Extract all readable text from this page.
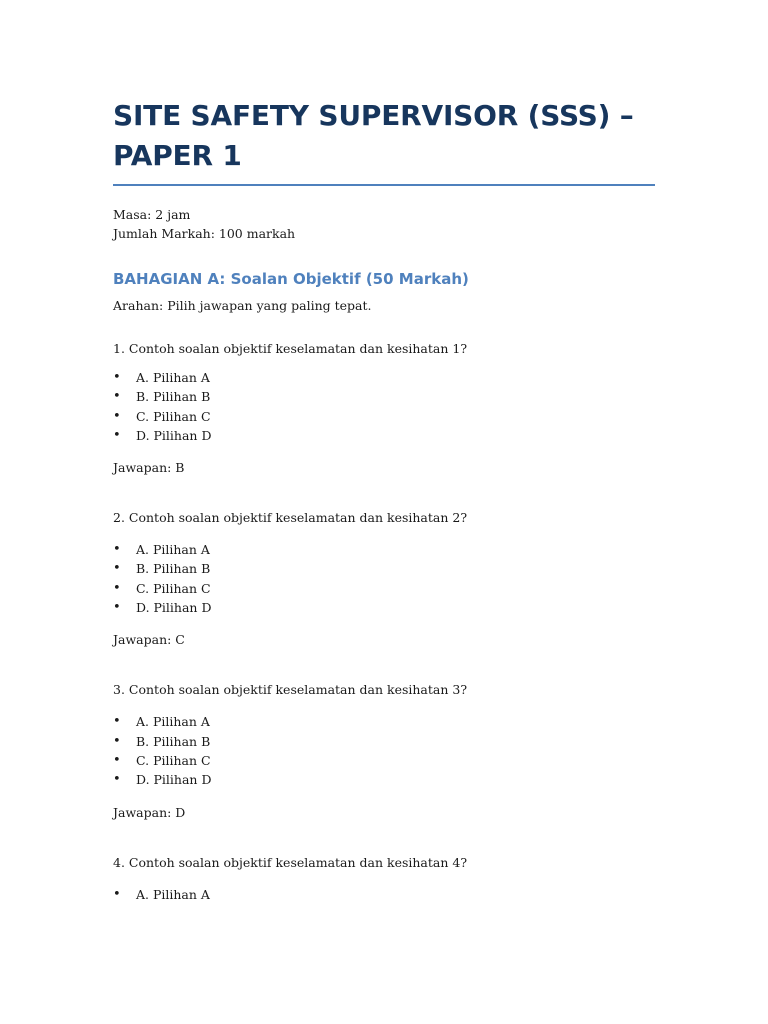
SITE SAFETY SUPERVISOR (SSS) – PAPER 1

Masa: 2 jam

Jumlah Markah: 100 markah

BAHAGIAN A: Soalan Objektif (50 Markah)

Arahan: Pilih jawapan yang paling tepat.

1. Contoh soalan objektif keselamatan dan kesihatan 1?

• A. Pilihan A
• B. Pilihan B
• C. Pilihan C
• D. Pilihan D

Jawapan: B

2. Contoh soalan objektif keselamatan dan kesihatan 2?

• A. Pilihan A
• B. Pilihan B
• C. Pilihan C
• D. Pilihan D

Jawapan: C

3. Contoh soalan objektif keselamatan dan kesihatan 3?

• A. Pilihan A
• B. Pilihan B
• C. Pilihan C
• D. Pilihan D

Jawapan: D

4. Contoh soalan objektif keselamatan dan kesihatan 4?

• A. Pilihan A
